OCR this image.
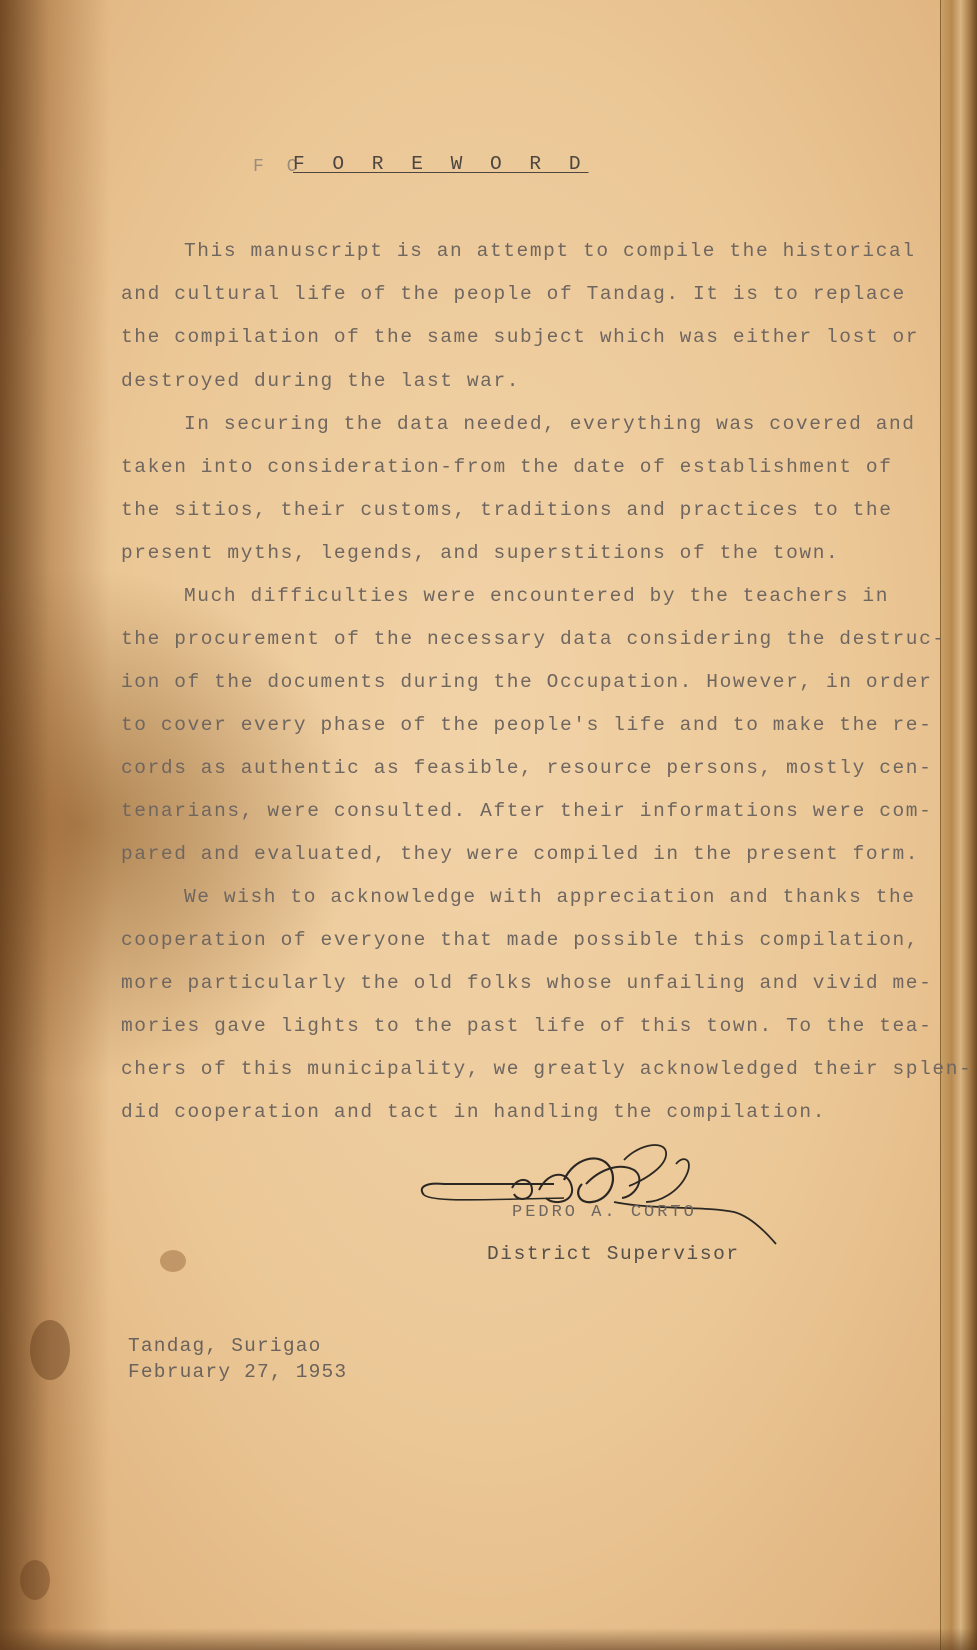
F C
F O R E W O R D
This manuscript is an attempt to compile the historical
and cultural life of the people of Tandag. It is to replace
the compilation of the same subject which was either lost or
destroyed during the last war.
In securing the data needed, everything was covered and
taken into consideration-from the date of establishment of
the sitios, their customs, traditions and practices to the
present myths, legends, and superstitions of the town.
Much difficulties were encountered by the teachers in
the procurement of the necessary data considering the destruc-
ion of the documents during the Occupation. However, in order
to cover every phase of the people's life and to make the re-
cords as authentic as feasible, resource persons, mostly cen-
tenarians, were consulted. After their informations were com-
pared and evaluated, they were compiled in the present form.
We wish to acknowledge with appreciation and thanks the
cooperation of everyone that made possible this compilation,
more particularly the old folks whose unfailing and vivid me-
mories gave lights to the past life of this town. To the tea-
chers of this municipality, we greatly acknowledged their splen-
did cooperation and tact in handling the compilation.
PEDRO A. CORTO
District Supervisor
Tandag, Surigao
February 27, 1953
